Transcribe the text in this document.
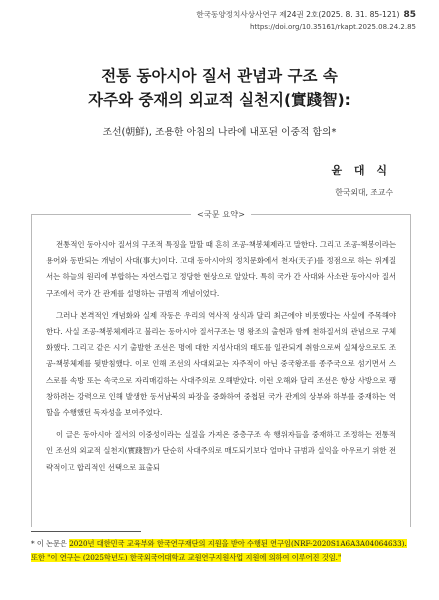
한국동양정치사상사연구 제24권 2호(2025. 8. 31. 85-121) 85
https://doi.org/10.35161/rkapt.2025.08.24.2.85
전통 동아시아 질서 관념과 구조 속
자주와 중재의 외교적 실천지(實踐智):
조선(朝鮮), 조용한 아침의 나라에 내포된 이중적 함의*
윤 대 식
한국외대, 조교수
<국문 요약>

전통적인 동아시아 질서의 구조적 특징을 말할 때 흔히 조공-책봉체제라고 말한다. 그리고 조공-책봉이라는 용어와 동반되는 개념이 사대(事大)이다. 고대 동아시아의 정치문화에서 천자(天子)를 정점으로 하는 위계질서는 하늘의 원리에 부합하는 자연스럽고 정당한 현상으로 알았다. 특히 국가 간 사대와 사소란 동아시아 질서구조에서 국가 간 관계를 설명하는 규범적 개념이었다.

그러나 본격적인 개념화와 실제 작동은 우리의 역사적 상식과 달리 최근에야 비롯했다는 사실에 주목해야 한다. 사실 조공-책봉체제라고 불리는 동아시아 질서구조는 명 왕조의 출현과 함께 천하질서의 관념으로 구체화했다. 그리고 같은 시기 출발한 조선은 명에 대한 지성사대의 태도를 일관되게 취함으로써 실체상으로도 조공-책봉체제를 뒷받침했다. 이로 인해 조선의 사대외교는 자주적이 아닌 중국왕조를 종주국으로 섬기면서 스스로를 속방 또는 속국으로 자리매김하는 사대주의로 오해받았다. 이런 오해와 달리 조선은 항상 사방으로 팽창하려는 강력으로 인해 발생한 동서남북의 파장을 중화하여 중첩된 국가 관계의 상부와 하부를 중재하는 역할을 수행했던 독자성을 보여주었다.

이 글은 동아시아 질서의 이중성이라는 실질을 가져온 중층구조 속 행위자들을 중재하고 조정하는 전통적인 조선의 외교적 실천지(實踐智)가 단순히 사대주의로 매도되기보다 얼마나 규범과 실익을 아우르기 위한 전략적이고 합리적인 선택으로 표출되

* 이 논문은 2020년 대한민국 교육부와 한국연구재단의 지원을 받아 수행된 연구임(NRF-2020S1A6A3A04064633). 또한 "이 연구는 (2025학년도) 한국외국어대학교 교원연구지원사업 지원에 의하여 이루어진 것임."
